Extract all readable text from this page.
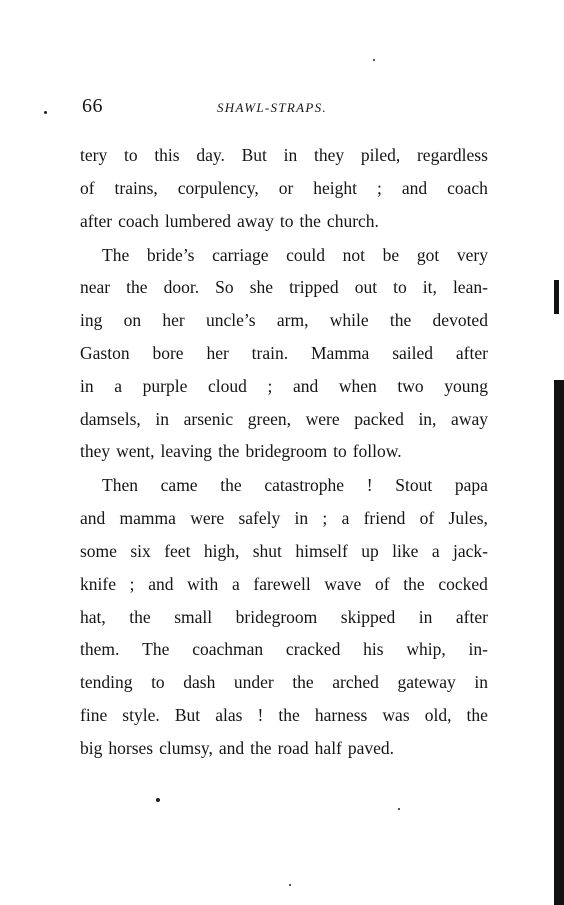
66	SHAWL-STRAPS.
tery to this day. But in they piled, regardless
of trains, corpulency, or height ; and coach
after coach lumbered away to the church.
The bride’s carriage could not be got very
near the door. So she tripped out to it, lean-
ing on her uncle’s arm, while the devoted
Gaston bore her train. Mamma sailed after
in a purple cloud ; and when two young
damsels, in arsenic green, were packed in, away
they went, leaving the bridegroom to follow.
Then came the catastrophe ! Stout papa
and mamma were safely in ; a friend of Jules,
some six feet high, shut himself up like a jack-
knife ; and with a farewell wave of the cocked
hat, the small bridegroom skipped in after
them. The coachman cracked his whip, in-
tending to dash under the arched gateway in
fine style. But alas ! the harness was old, the
big horses clumsy, and the road half paved.
